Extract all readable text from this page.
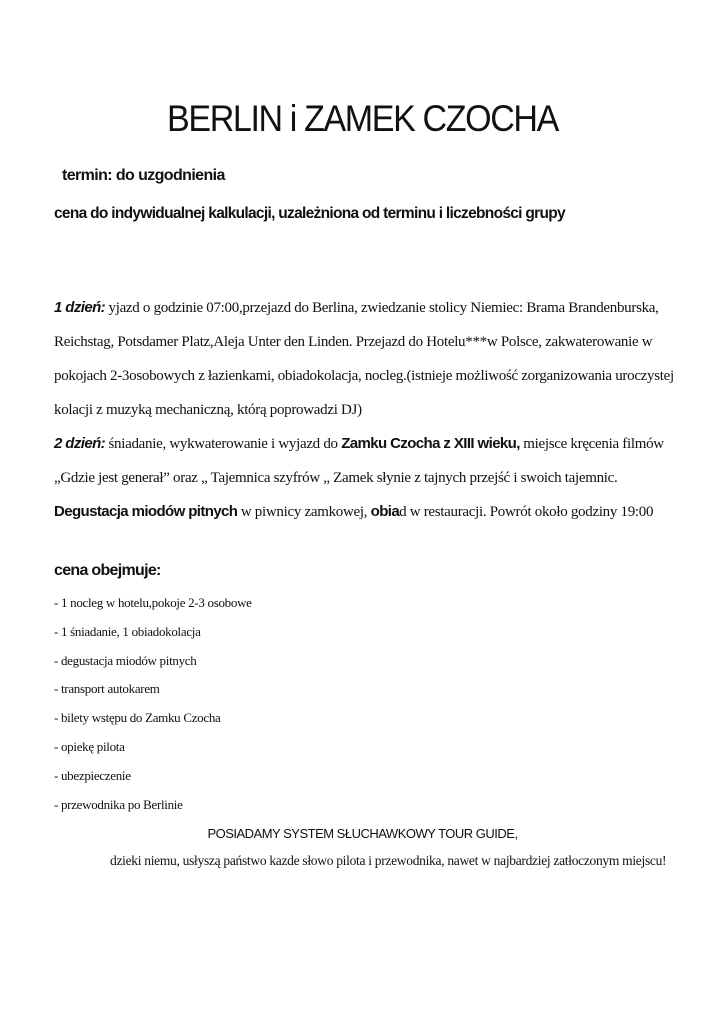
BERLIN i ZAMEK CZOCHA
termin: do uzgodnienia
cena do indywidualnej kalkulacji, uzależniona od terminu i liczebności grupy
1 dzień: yjazd o godzinie 07:00,przejazd do Berlina, zwiedzanie stolicy Niemiec: Brama Brandenburska, Reichstag, Potsdamer Platz,Aleja Unter den Linden. Przejazd do Hotelu***w Polsce, zakwaterowanie w pokojach 2-3osobowych z łazienkami, obiadokolacja, nocleg.(istnieje możliwość zorganizowania uroczystej kolacji z muzyką mechaniczną, którą poprowadzi DJ)
2 dzień: śniadanie, wykwaterowanie i wyjazd do Zamku Czocha z XIII wieku, miejsce kręcenia filmów „Gdzie jest generał” oraz „ Tajemnica szyfrów „ Zamek słynie z tajnych przejść i swoich tajemnic. Degustacja miodów pitnych w piwnicy zamkowej, obiad w restauracji. Powrót około godziny 19:00
cena obejmuje:
- 1 nocleg w hotelu,pokoje 2-3 osobowe
- 1 śniadanie, 1 obiadokolacja
- degustacja miodów pitnych
- transport autokarem
- bilety wstępu do Zamku Czocha
- opiekę pilota
- ubezpieczenie
- przewodnika po Berlinie
POSIADAMY SYSTEM SŁUCHAWKOWY TOUR GUIDE,
dzieki niemu, usłyszą państwo kazde słowo pilota i przewodnika, nawet w najbardziej zatłoczonym miejscu!
